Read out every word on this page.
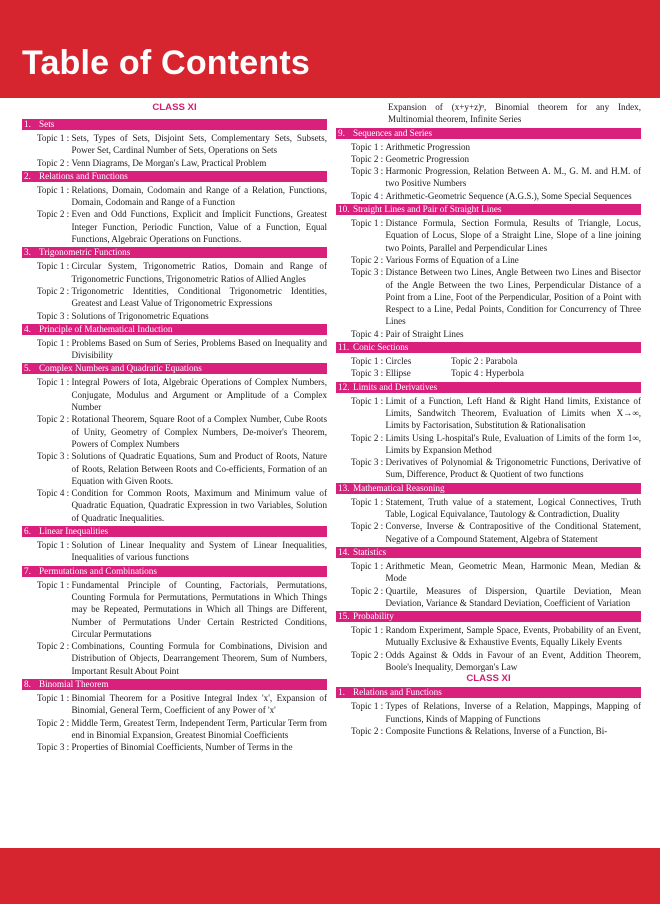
Table of Contents
CLASS XI
1. Sets
Topic 1 : Sets, Types of Sets, Disjoint Sets, Complementary Sets, Subsets, Power Set, Cardinal Number of Sets, Operations on Sets
Topic 2 : Venn Diagrams, De Morgan's Law, Practical Problem
2. Relations and Functions
Topic 1 : Relations, Domain, Codomain and Range of a Relation, Functions, Domain, Codomain and Range of a Function
Topic 2 : Even and Odd Functions, Explicit and Implicit Functions, Greatest Integer Function, Periodic Function, Value of a Function, Equal Functions, Algebraic Operations on Functions.
3. Trigonometric Functions
Topic 1 : Circular System, Trigonometric Ratios, Domain and Range of Trigonometric Functions, Trigonometric Ratios of Allied Angles
Topic 2 : Trigonometric Identities, Conditional Trigonometric Identities, Greatest and Least Value of Trigonometric Expressions
Topic 3 : Solutions of Trigonometric Equations
4. Principle of Mathematical Induction
Topic 1 : Problems Based on Sum of Series, Problems Based on Inequality and Divisibility
5. Complex Numbers and Quadratic Equations
Topic 1 : Integral Powers of Iota, Algebraic Operations of Complex Numbers, Conjugate, Modulus and Argument or Amplitude of a Complex Number
Topic 2 : Rotational Theorem, Square Root of a Complex Number, Cube Roots of Unity, Geometry of Complex Numbers, De-moiver's Theorem, Powers of Complex Numbers
Topic 3 : Solutions of Quadratic Equations, Sum and Product of Roots, Nature of Roots, Relation Between Roots and Co-efficients, Formation of an Equation with Given Roots.
Topic 4 : Condition for Common Roots, Maximum and Minimum value of Quadratic Equation, Quadratic Expression in two Variables, Solution of Quadratic Inequalities.
6. Linear Inequalities
Topic 1 : Solution of Linear Inequality and System of Linear Inequalities, Inequalities of various functions
7. Permutations and Combinations
Topic 1 : Fundamental Principle of Counting, Factorials, Permutations, Counting Formula for Permutations, Permutations in Which Things may be Repeated, Permutations in Which all Things are Different, Number of Permutations Under Certain Restricted Conditions, Circular Permutations
Topic 2 : Combinations, Counting Formula for Combinations, Division and Distribution of Objects, Dearrangement Theorem, Sum of Numbers, Important Result About Point
8. Binomial Theorem
Topic 1 : Binomial Theorem for a Positive Integral Index 'x', Expansion of Binomial, General Term, Coefficient of any Power of 'x'
Topic 2 : Middle Term, Greatest Term, Independent Term, Particular Term from end in Binomial Expansion, Greatest Binomial Coefficients
Topic 3 : Properties of Binomial Coefficients, Number of Terms in the
Expansion of (x+y+z)ⁿ, Binomial theorem for any Index, Multinomial theorem, Infinite Series
9. Sequences and Series
Topic 1 : Arithmetic Progression
Topic 2 : Geometric Progression
Topic 3 : Harmonic Progression, Relation Between A. M., G. M. and H.M. of two Positive Numbers
Topic 4 : Arithmetic-Geometric Sequence (A.G.S.), Some Special Sequences
10. Straight Lines and Pair of Straight Lines
Topic 1 : Distance Formula, Section Formula, Results of Triangle, Locus, Equation of Locus, Slope of a Straight Line, Slope of a line joining two Points, Parallel and Perpendicular Lines
Topic 2 : Various Forms of Equation of a Line
Topic 3 : Distance Between two Lines, Angle Between two Lines and Bisector of the Angle Between the two Lines, Perpendicular Distance of a Point from a Line, Foot of the Perpendicular, Position of a Point with Respect to a Line, Pedal Points, Condition for Concurrency of Three Lines
Topic 4 : Pair of Straight Lines
11. Conic Sections
Topic 1 : Circles	Topic 2 : Parabola
Topic 3 : Ellipse	Topic 4 : Hyperbola
12. Limits and Derivatives
Topic 1 : Limit of a Function, Left Hand & Right Hand limits, Existance of Limits, Sandwitch Theorem, Evaluation of Limits when X→∞, Limits by Factorisation, Substitution & Rationalisation
Topic 2 : Limits Using L-hospital's Rule, Evaluation of Limits of the form 1∞, Limits by Expansion Method
Topic 3 : Derivatives of Polynomial & Trigonometric Functions, Derivative of Sum, Difference, Product & Quotient of two functions
13. Mathematical Reasoning
Topic 1 : Statement, Truth value of a statement, Logical Connectives, Truth Table, Logical Equivalance, Tautology & Contradiction, Duality
Topic 2 : Converse, Inverse & Contrapositive of the Conditional Statement, Negative of a Compound Statement, Algebra of Statement
14. Statistics
Topic 1 : Arithmetic Mean, Geometric Mean, Harmonic Mean, Median & Mode
Topic 2 : Quartile, Measures of Dispersion, Quartile Deviation, Mean Deviation, Variance & Standard Deviation, Coefficient of Variation
15. Probability
Topic 1 : Random Experiment, Sample Space, Events, Probability of an Event, Mutually Exclusive & Exhaustive Events, Equally Likely Events
Topic 2 : Odds Against & Odds in Favour of an Event, Addition Theorem, Boole's Inequality, Demorgan's Law
CLASS XI
1. Relations and Functions
Topic 1 : Types of Relations, Inverse of a Relation, Mappings, Mapping of Functions, Kinds of Mapping of Functions
Topic 2 : Composite Functions & Relations, Inverse of a Function, Bi-
